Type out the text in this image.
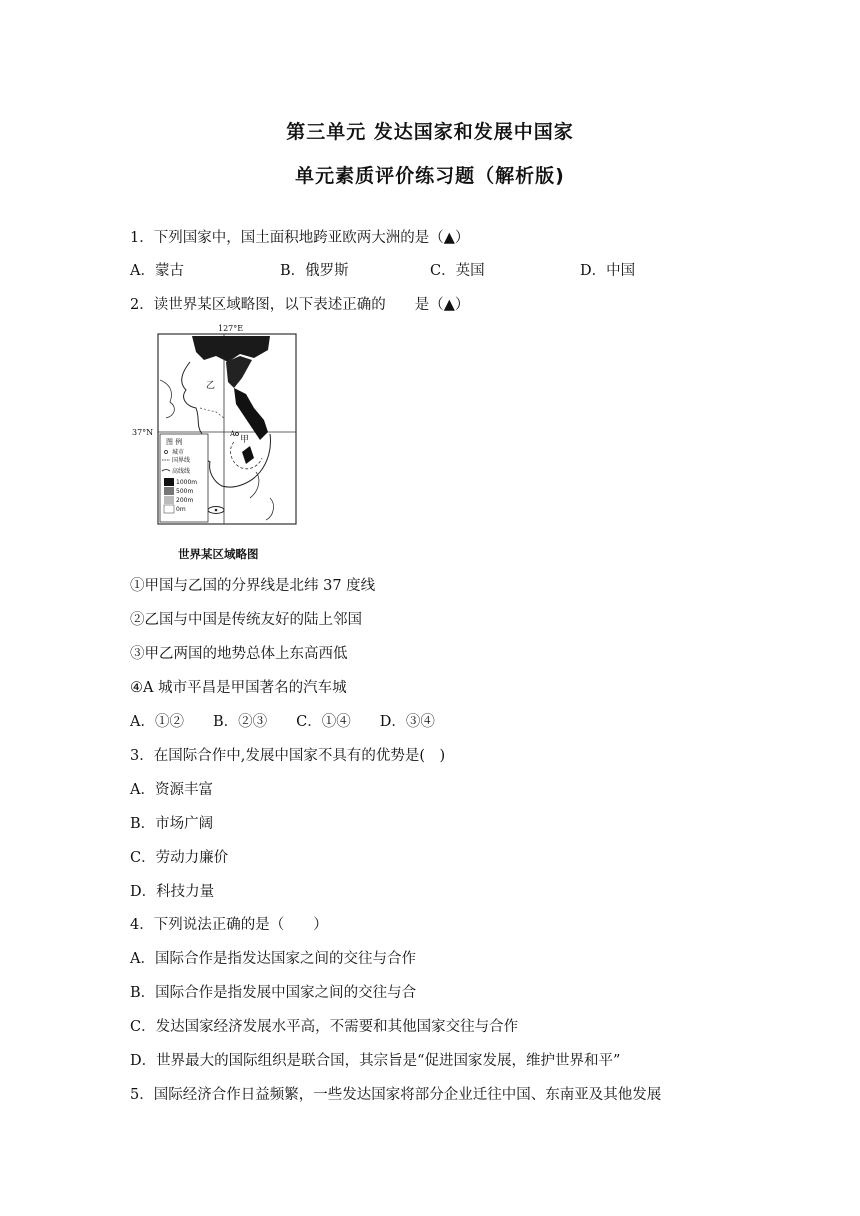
第三单元 发达国家和发展中国家
单元素质评价练习题（解析版)
1．下列国家中，国土面积地跨亚欧两大洲的是（▲）
A．蒙古	B．俄罗斯	C．英国	D．中国
2．读世界某区域略图，以下表述正确的　　是（▲）
127°E
37°N
乙
甲
A
图 例
城市
国界线
高线线
1000m
500m
200m
0m
世界某区域略图
①甲国与乙国的分界线是北纬 37 度线
②乙国与中国是传统友好的陆上邻国
③甲乙两国的地势总体上东高西低
④A 城市平昌是甲国著名的汽车城
A．①②　　B．②③　　C．①④　　D．③④
3．在国际合作中,发展中国家不具有的优势是(　)
A．资源丰富
B．市场广阔
C．劳动力廉价
D．科技力量
4．下列说法正确的是（　　）
A．国际合作是指发达国家之间的交往与合作
B．国际合作是指发展中国家之间的交往与合
C．发达国家经济发展水平高，不需要和其他国家交往与合作
D．世界最大的国际组织是联合国，其宗旨是“促进国家发展，维护世界和平”
5．国际经济合作日益频繁，一些发达国家将部分企业迁往中国、东南亚及其他发展
